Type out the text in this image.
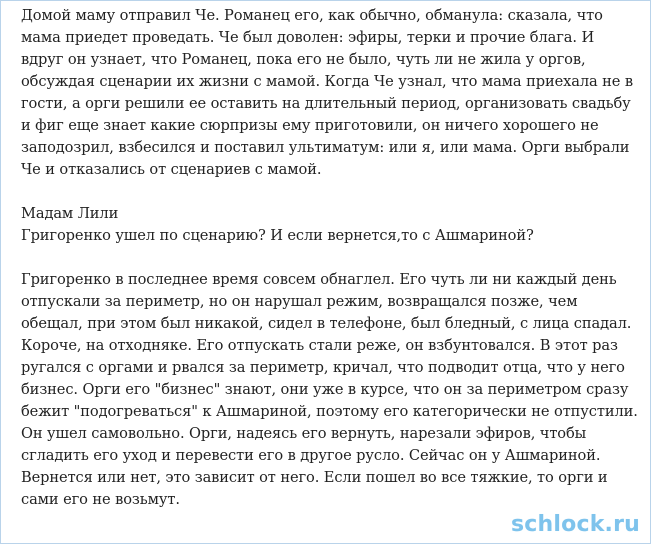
Домой маму отправил Че. Романец его, как обычно, обманула: сказала, что
мама приедет проведать. Че был доволен: эфиры, терки и прочие блага. И
вдруг он узнает, что Романец, пока его не было, чуть ли не жила у оргов,
обсуждая сценарии их жизни с мамой. Когда Че узнал, что мама приехала не в
гости, а орги решили ее оставить на длительный период, организовать свадьбу
и фиг еще знает какие сюрпризы ему приготовили, он ничего хорошего не
заподозрил, взбесился и поставил ультиматум: или я, или мама. Орги выбрали
Че и отказались от сценариев с мамой.
Мадам Лили
Григоренко ушел по сценарию? И если вернется,то с Ашмариной?
Григоренко в последнее время совсем обнаглел. Его чуть ли ни каждый день
отпускали за периметр, но он нарушал режим, возвращался позже, чем
обещал, при этом был никакой, сидел в телефоне, был бледный, с лица спадал.
Короче, на отходняке. Его отпускать стали реже, он взбунтовался. В этот раз
ругался с оргами и рвался за периметр, кричал, что подводит отца, что у него
бизнес. Орги его "бизнес" знают, они уже в курсе, что он за периметром сразу
бежит "подогреваться" к Ашмариной, поэтому его категорически не отпустили.
Он ушел самовольно. Орги, надеясь его вернуть, нарезали эфиров, чтобы
сгладить его уход и перевести его в другое русло. Сейчас он у Ашмариной.
Вернется или нет, это зависит от него. Если пошел во все тяжкие, то орги и
сами его не возьмут.
schlock.ru
